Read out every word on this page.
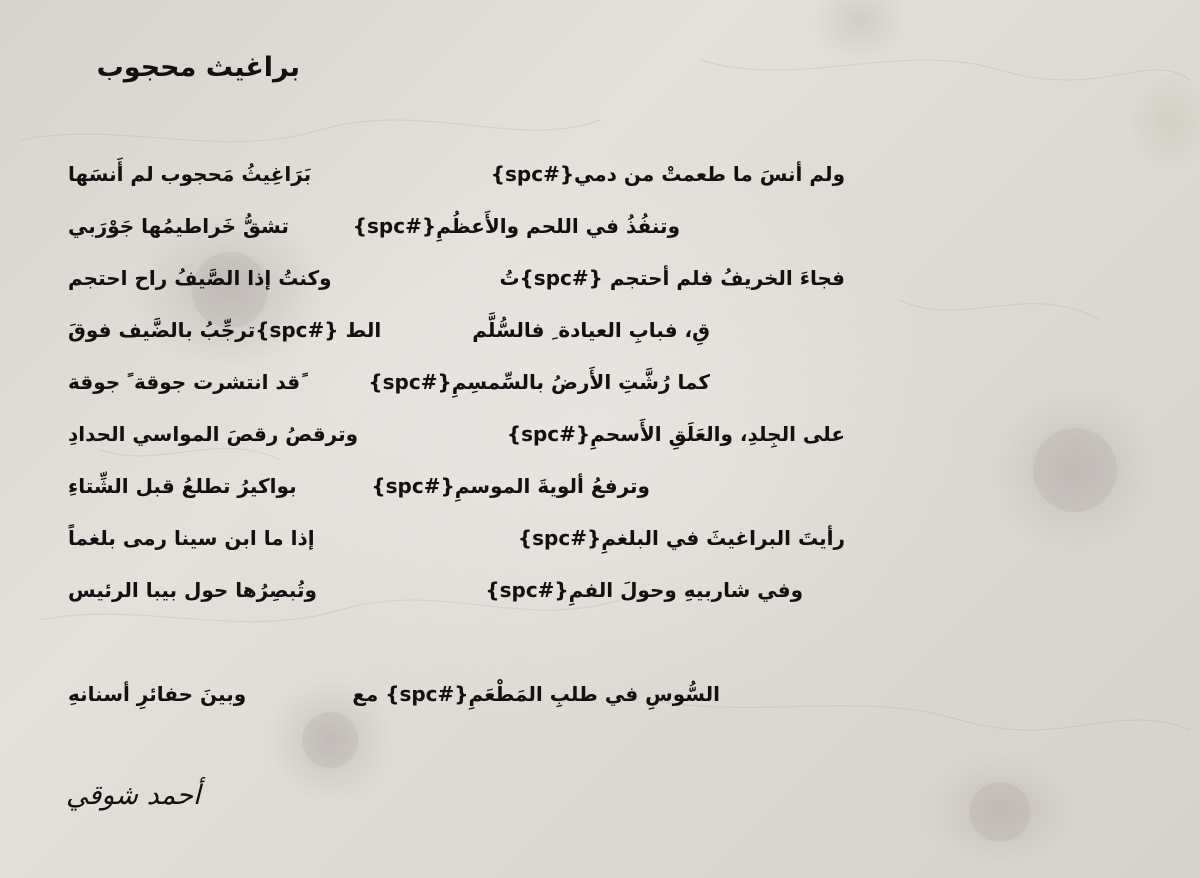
براغيث محجوب
ولم أنسَ ما طعمتْ من دمي{#spc}
بَرَاغِيثُ مَحجوب لم أَنسَها
وتنفُذُ في اللحم والأَعظُمِ{#spc}
تشقُّ خَراطيمُها جَوْرَبي
فجاءَ الخريفُ فلم أحتجم {#spc}تُ
وكنتُ إذا الصَّيفُ راح احتجم
قِ، فبابِ العيادة ِ فالسُّلَّم
الط {#spc}ترجِّبُ بالضَّيف فوقَ
كما رُشَّتِ الأَرضُ بالسِّمسِمِ{#spc}
ًقد انتشرت جوقة ً جوقة
على الجِلدِ، والعَلَقِ الأَسحمِ{#spc}
وترقصُ رقصَ المواسي الحدادِ
وترفعُ ألويةَ الموسمِ{#spc}
بواكيرُ تطلعُ قبل الشِّتاءِ
رأيتَ البراغيثَ في البلغمِ{#spc}
إذا ما ابن سينا رمى بلغماً
وفي شاربيهِ وحولَ الفمِ{#spc}
وتُبصِرُها حول بيبا الرئيس
السُّوسِ في طلبِ المَطْعَمِ{#spc} مع
وبينَ حفائرِ أسنانهِ

أحمد شوقي
